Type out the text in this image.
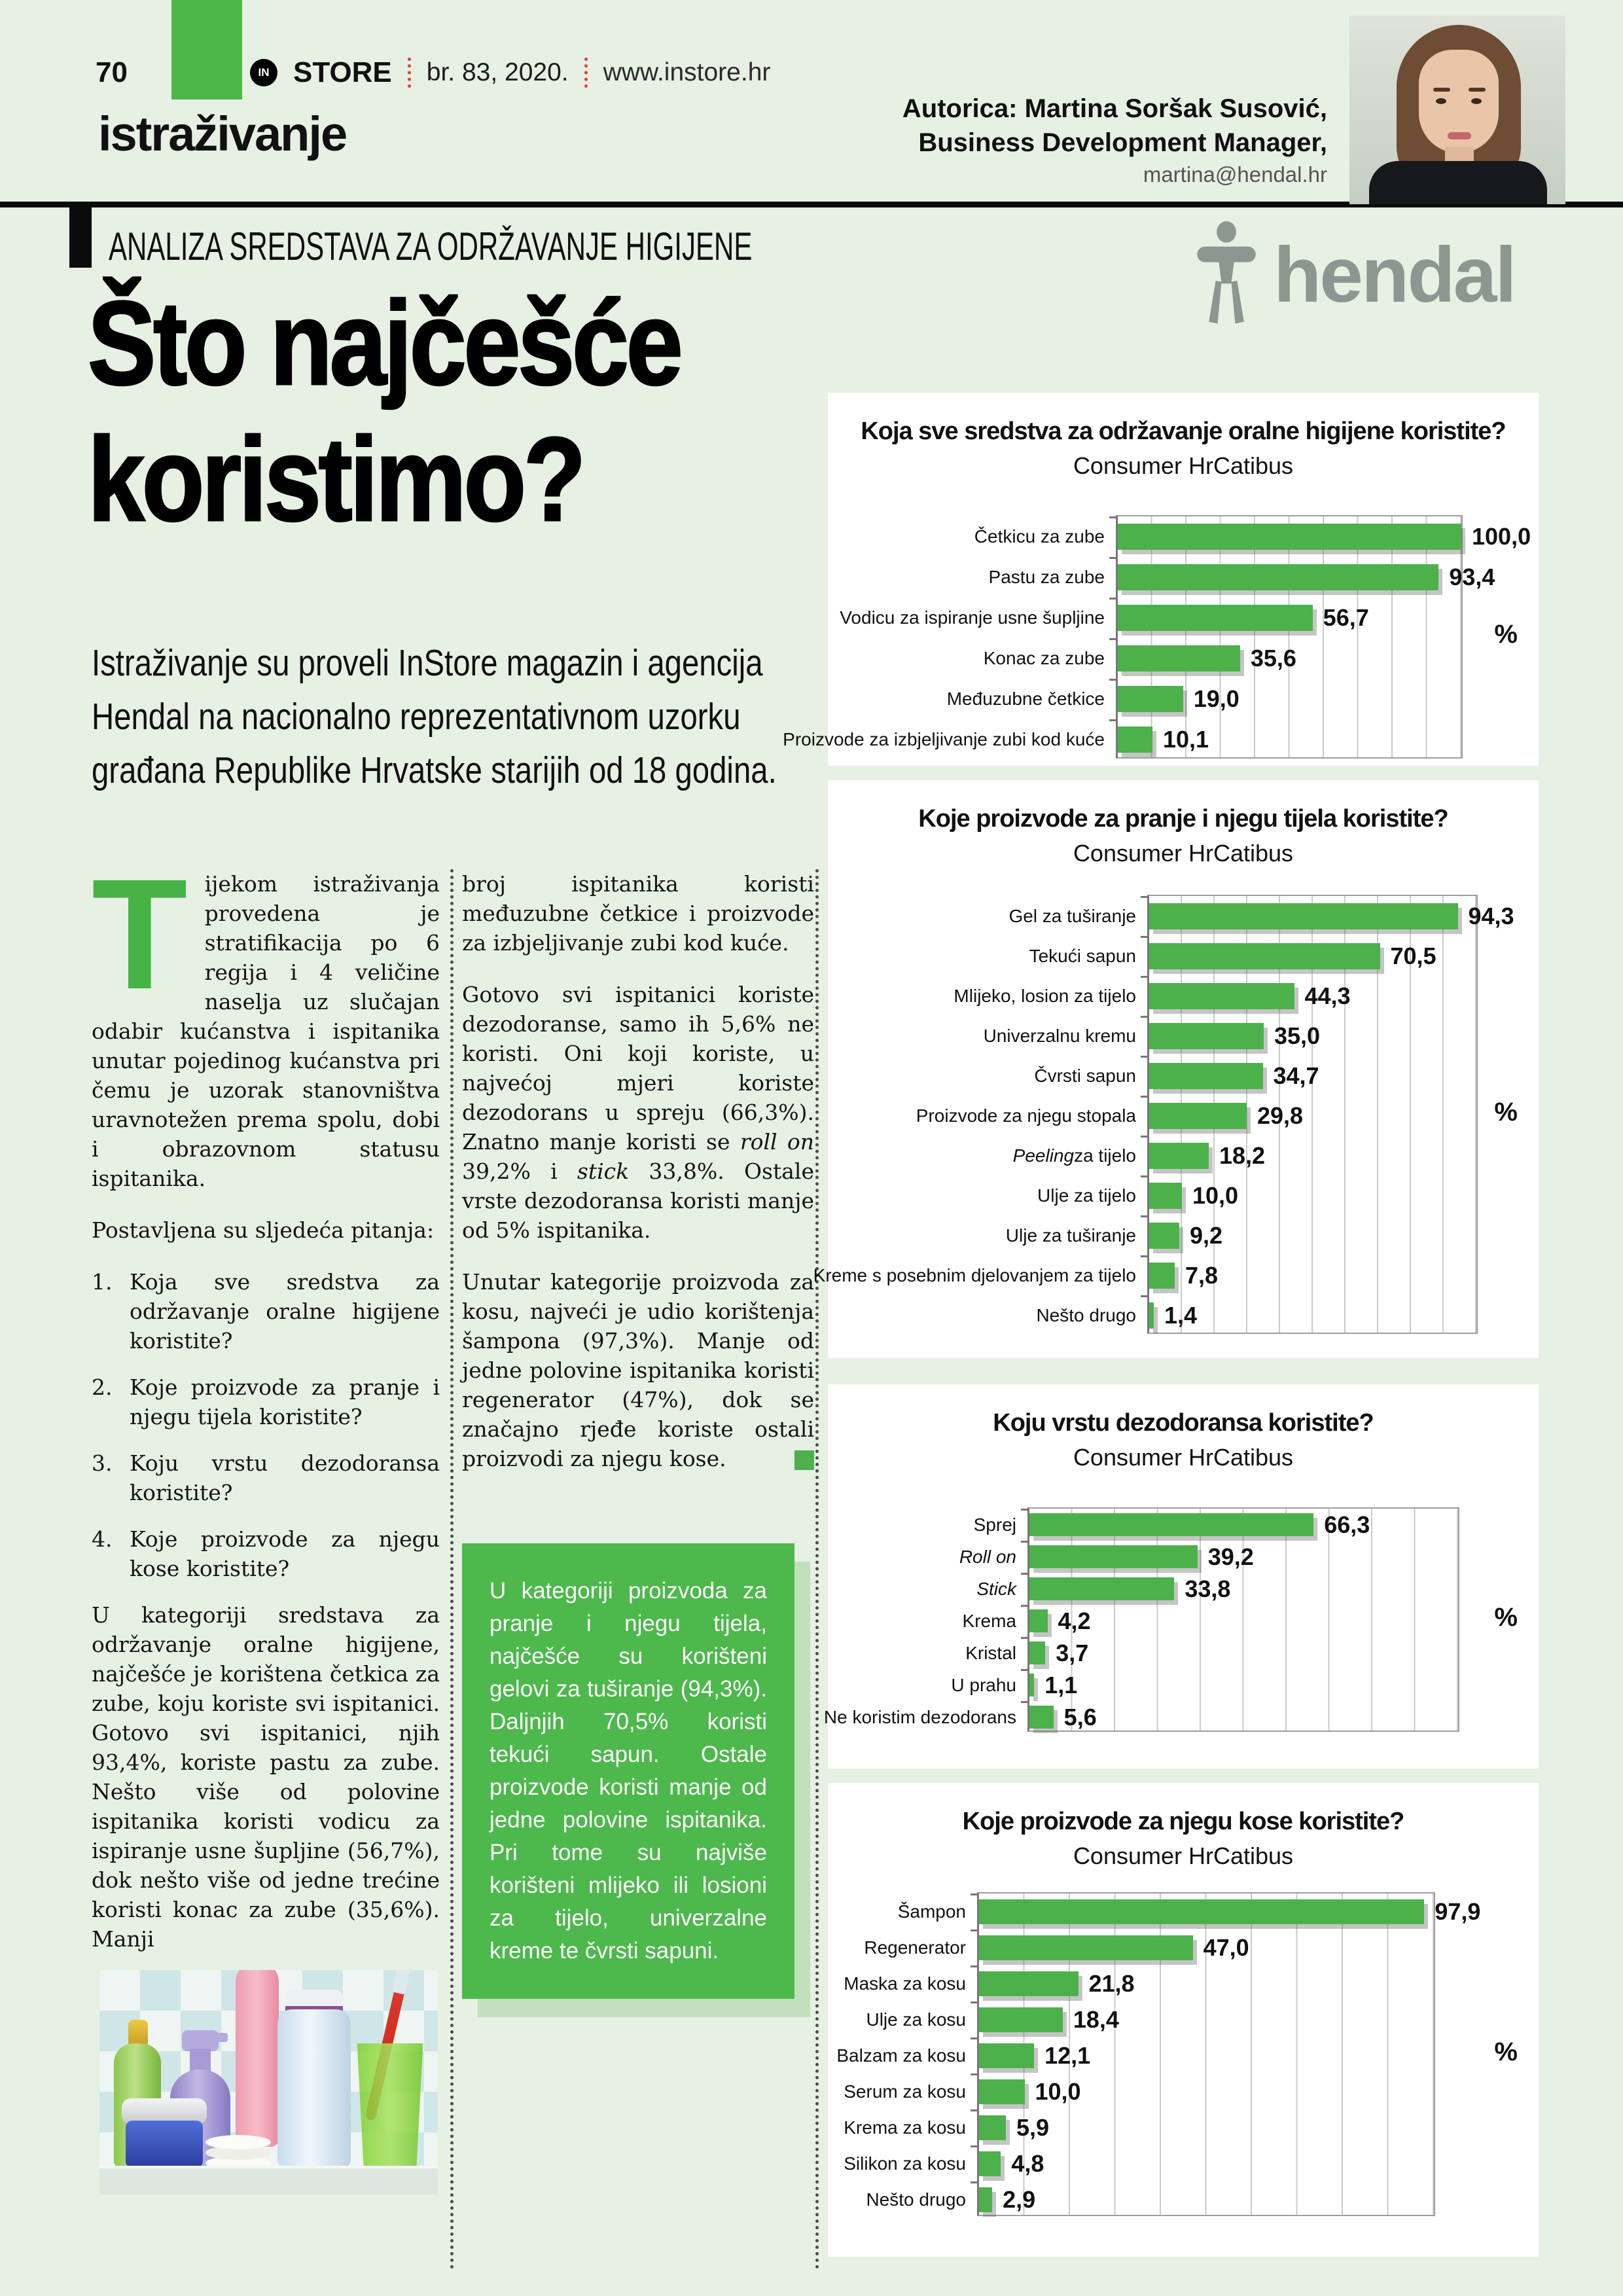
70	IN STORE br. 83, 2020. www.instore.hr
istraživanje	Autorica: Martina Soršak Susović,
Business Development Manager,
martina@hendal.hr
ANALIZA SREDSTAVA ZA ODRŽAVANJE HIGIJENE	hendal
Što najčešće
koristimo?
Istraživanje su proveli InStore magazin i agencija Hendal na nacionalno reprezentativnom uzorku građana Republike Hrvatske starijih od 18 godina.

Tijekom istraživanja provedena je stratifikacija po 6 regija i 4 veličine naselja uz slučajan odabir kućanstva i ispitanika unutar pojedinog kućanstva pri čemu je uzorak stanovništva uravnotežen prema spolu, dobi i obrazovnom statusu ispitanika.

Postavljena su sljedeća pitanja:

1. Koja sve sredstva za održavanje oralne higijene koristite?
2. Koje proizvode za pranje i njegu tijela koristite?
3. Koju vrstu dezodoransa koristite?
4. Koje proizvode za njegu kose koristite?

U kategoriji sredstava za održavanje oralne higijene, najčešće je korištena četkica za zube, koju koriste svi ispitanici. Gotovo svi ispitanici, njih 93,4%, koriste pastu za zube. Nešto više od polovine ispitanika koristi vodicu za ispiranje usne šupljine (56,7%), dok nešto više od jedne trećine koristi konac za zube (35,6%). Manji

broj ispitanika koristi međuzubne četkice i proizvode za izbjeljivanje zubi kod kuće.

Gotovo svi ispitanici koriste dezodoranse, samo ih 5,6% ne koristi. Oni koji koriste, u najvećoj mjeri koriste dezodorans u spreju (66,3%). Znatno manje koristi se roll on 39,2% i stick 33,8%. Ostale vrste dezodoransa koristi manje od 5% ispitanika.

Unutar kategorije proizvoda za kosu, najveći je udio korištenja šampona (97,3%). Manje od jedne polovine ispitanika koristi regenerator (47%), dok se značajno rjeđe koriste ostali proizvodi za njegu kose.

U kategoriji proizvoda za pranje i njegu tijela, najčešće su korišteni gelovi za tuširanje (94,3%). Daljnjih 70,5% koristi tekući sapun. Ostale proizvode koristi manje od jedne polovine ispitanika. Pri tome su najviše korišteni mlijeko ili losioni za tijelo, univerzalne kreme te čvrsti sapuni.
Koja sve sredstva za održavanje oralne higijene koristite?
Consumer HrCatibus
Četkicu za zube	100,0
Pastu za zube	93,4
Vodicu za ispiranje usne šupljine	56,7
Konac za zube	35,6
Međuzubne četkice	19,0
Proizvode za izbjeljivanje zubi kod kuće 10,1
%
Koje proizvode za pranje i njegu tijela koristite?
Consumer HrCatibus
Gel za tuširanje	94,3
Tekući sapun	70,5
Mlijeko, losion za tijelo	44,3
Univerzalnu kremu	35,0
Čvrsti sapun	34,7
Proizvode za njegu stopala	29,8
Peeling za tijelo	18,2
Ulje za tijelo 10,0
Ulje za tuširanje 9,2
Kreme s posebnim djelovanjem za tijelo 7,8
Nešto drugo 1,4
%
Koju vrstu dezodoransa koristite?
Consumer HrCatibus
Sprej	66,3
Roll on	39,2
Stick	33,8
Krema 4,2
Kristal 3,7
U prahu 1,1
Ne koristim dezodorans 5,6
%
Koje proizvode za njegu kose koristite?
Consumer HrCatibus
Šampon	97,9
Regenerator	47,0
Maska za kosu	21,8
Ulje za kosu	18,4
Balzam za kosu	12,1
Serum za kosu	10,0
Krema za kosu 5,9
Silikon za kosu 4,8
Nešto drugo 2,9
%
